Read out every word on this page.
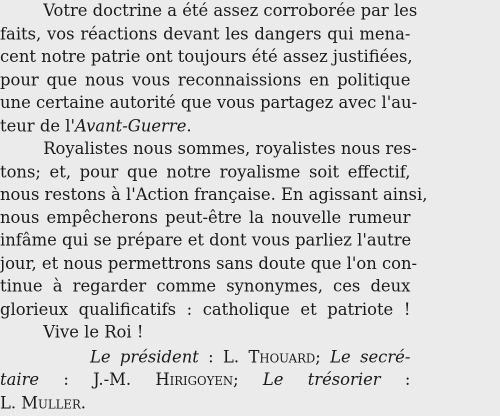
Votre doctrine a été assez corroborée par les
faits, vos réactions devant les dangers qui mena-
cent notre patrie ont toujours été assez justifiées,
pour que nous vous reconnaissions en politique
une certaine autorité que vous partagez avec l'au-
teur de l'Avant-Guerre.

Royalistes nous sommes, royalistes nous res-
tons; et, pour que notre royalisme soit effectif,
nous restons à l'Action française. En agissant ainsi,
nous empêcherons peut-être la nouvelle rumeur
infâme qui se prépare et dont vous parliez l'autre
jour, et nous permettrons sans doute que l'on con-
tinue à regarder comme synonymes, ces deux
glorieux qualificatifs : catholique et patriote !

Vive le Roi !

Le président : L. Thouard; Le secré-
taire : J.-M. Hirigoyen; Le trésorier :
L. Muller.
